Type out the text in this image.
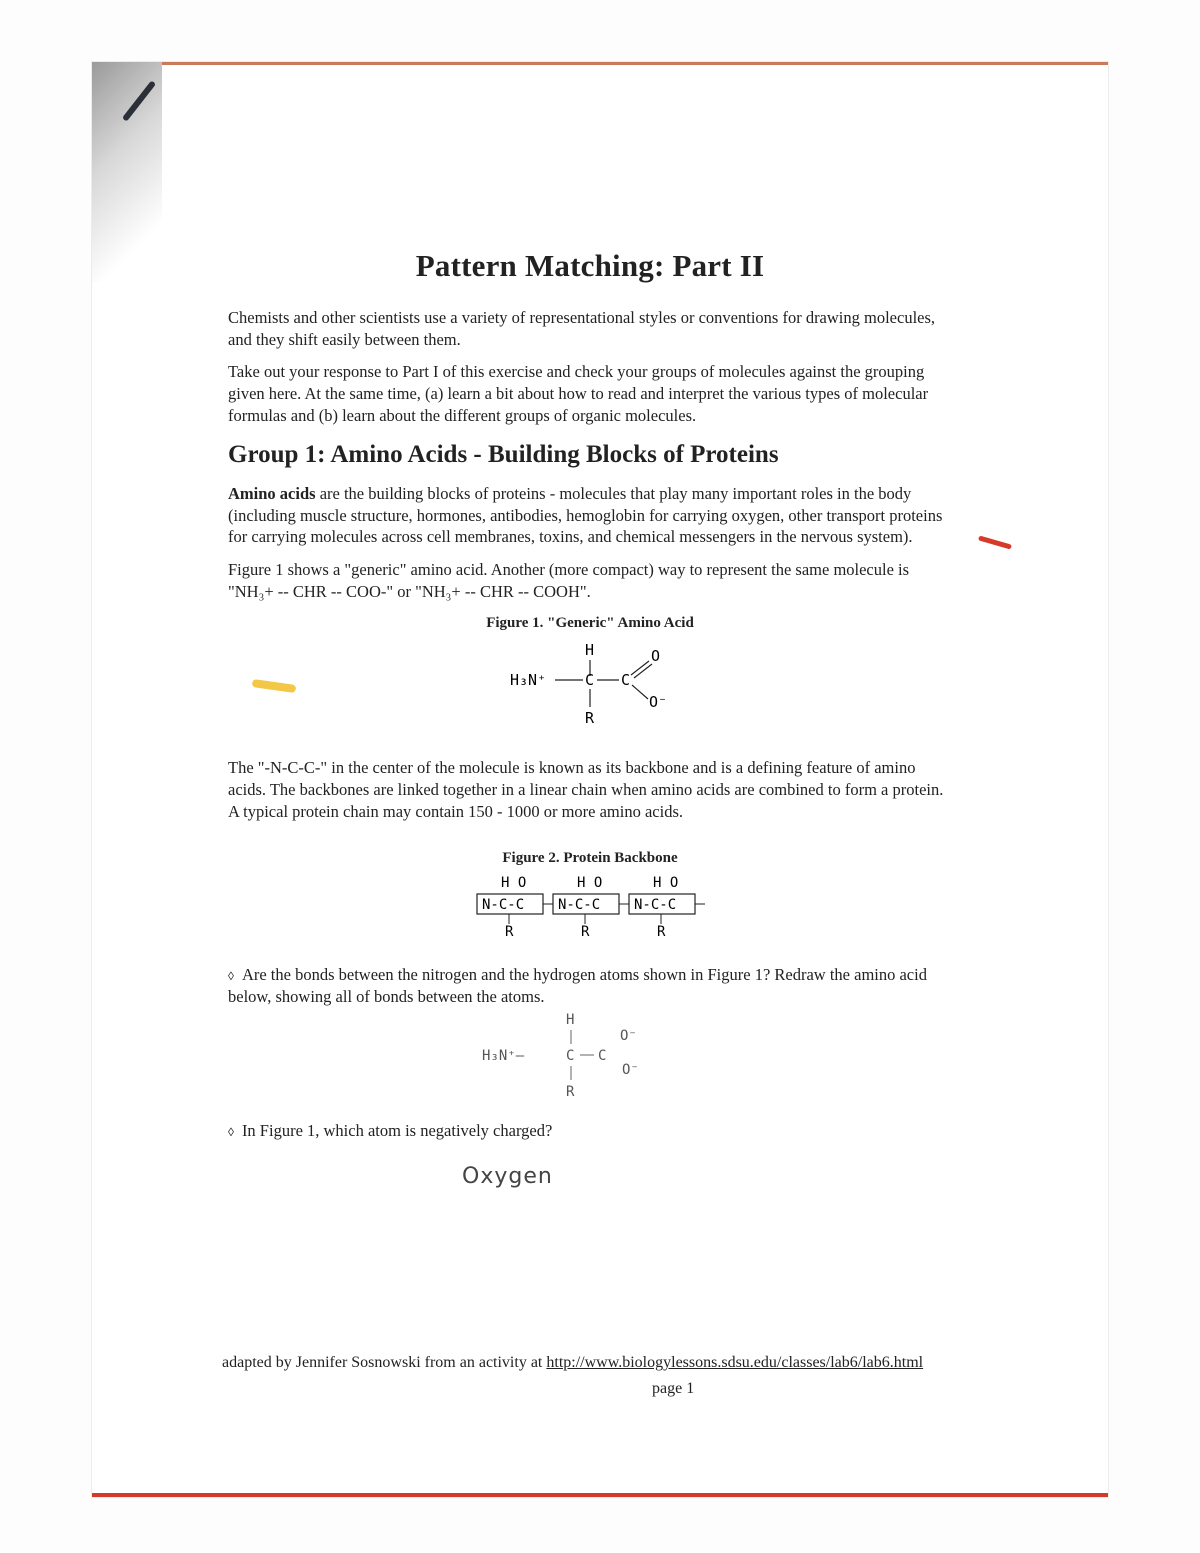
Pattern Matching: Part II

Chemists and other scientists use a variety of representational styles or conventions for drawing molecules, and they shift easily between them.

Take out your response to Part I of this exercise and check your groups of molecules against the grouping given here. At the same time, (a) learn a bit about how to read and interpret the various types of molecular formulas and (b) learn about the different groups of organic molecules.

Group 1: Amino Acids - Building Blocks of Proteins

Amino acids are the building blocks of proteins - molecules that play many important roles in the body (including muscle structure, hormones, antibodies, hemoglobin for carrying oxygen, other transport proteins for carrying molecules across cell membranes, toxins, and chemical messengers in the nervous system).

Figure 1 shows a "generic" amino acid. Another (more compact) way to represent the same molecule is "NH₃+ -- CHR -- COO-" or "NH₃+ -- CHR -- COOH".

Figure 1. "Generic" Amino Acid
H
H₃N⁺	C C
O
O⁻
R

The "-N-C-C-" in the center of the molecule is known as its backbone and is a defining feature of amino acids. The backbones are linked together in a linear chain when amino acids are combined to form a protein. A typical protein chain may contain 150 - 1000 or more amino acids.

Figure 2. Protein Backbone
H O
N-C-C
R
H O
N-C-C
R
H O
N-C-C
R

◊ Are the bonds between the nitrogen and the hydrogen atoms shown in Figure 1? Redraw the amino acid below, showing all of bonds between the atoms.

H
H₃N⁺—	C C
O⁻
O⁻
R

◊ In Figure 1, which atom is negatively charged?

Oxygen
adapted by Jennifer Sosnowski from an activity at http://www.biologylessons.sdsu.edu/classes/lab6/lab6.html
page 1
